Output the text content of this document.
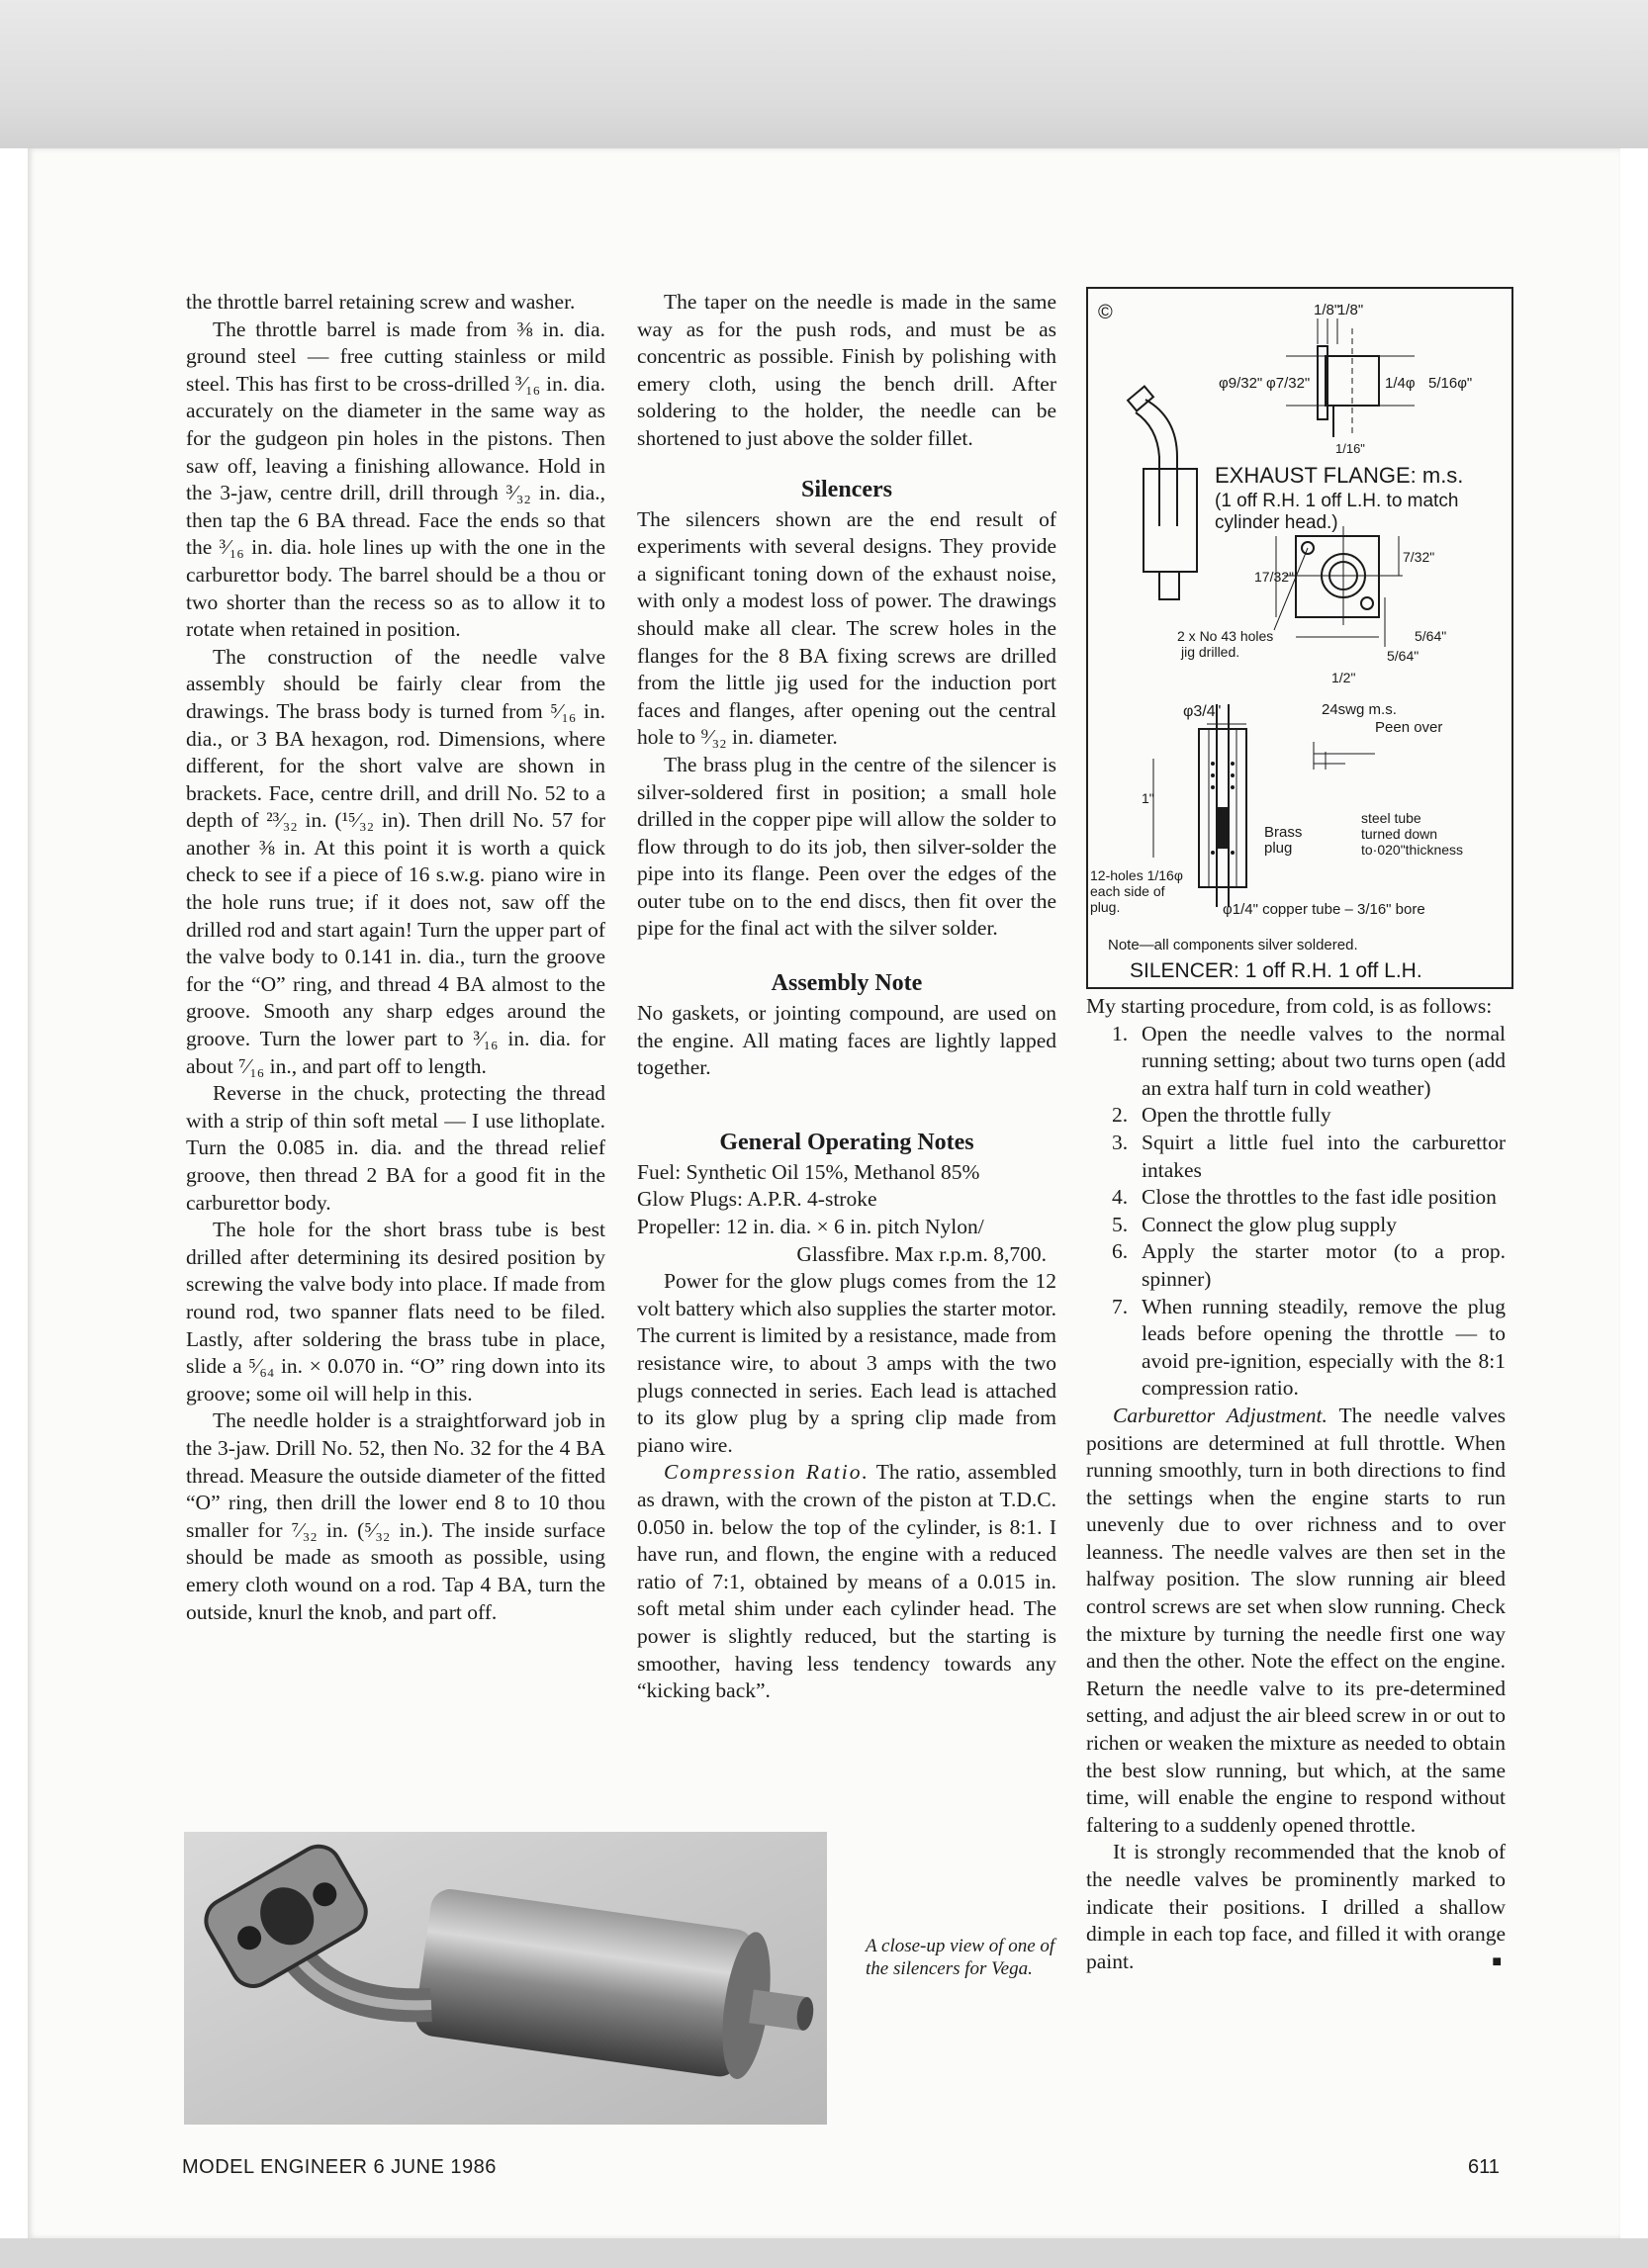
the throttle barrel retaining screw and washer.

The throttle barrel is made from ⅜ in. dia. ground steel — free cutting stainless or mild steel. This has first to be cross-drilled ³⁄₁₆ in. dia. accurately on the diameter in the same way as for the gudgeon pin holes in the pistons. Then saw off, leaving a finishing allowance. Hold in the 3-jaw, centre drill, drill through ³⁄₃₂ in. dia., then tap the 6 BA thread. Face the ends so that the ³⁄₁₆ in. dia. hole lines up with the one in the carburettor body. The barrel should be a thou or two shorter than the recess so as to allow it to rotate when retained in position.

The construction of the needle valve assembly should be fairly clear from the drawings. The brass body is turned from ⁵⁄₁₆ in. dia., or 3 BA hexagon, rod. Dimensions, where different, for the short valve are shown in brackets. Face, centre drill, and drill No. 52 to a depth of ²³⁄₃₂ in. (¹⁵⁄₃₂ in). Then drill No. 57 for another ⅜ in. At this point it is worth a quick check to see if a piece of 16 s.w.g. piano wire in the hole runs true; if it does not, saw off the drilled rod and start again! Turn the upper part of the valve body to 0.141 in. dia., turn the groove for the “O” ring, and thread 4 BA almost to the groove. Smooth any sharp edges around the groove. Turn the lower part to ³⁄₁₆ in. dia. for about ⁷⁄₁₆ in., and part off to length.

Reverse in the chuck, protecting the thread with a strip of thin soft metal — I use lithoplate. Turn the 0.085 in. dia. and the thread relief groove, then thread 2 BA for a good fit in the carburettor body.

The hole for the short brass tube is best drilled after determining its desired position by screwing the valve body into place. If made from round rod, two spanner flats need to be filed. Lastly, after soldering the brass tube in place, slide a ⁵⁄₆₄ in. × 0.070 in. “O” ring down into its groove; some oil will help in this.

The needle holder is a straightforward job in the 3-jaw. Drill No. 52, then No. 32 for the 4 BA thread. Measure the outside diameter of the fitted “O” ring, then drill the lower end 8 to 10 thou smaller for ⁷⁄₃₂ in. (⁵⁄₃₂ in.). The inside surface should be made as smooth as possible, using emery cloth wound on a rod. Tap 4 BA, turn the outside, knurl the knob, and part off.

The taper on the needle is made in the same way as for the push rods, and must be as concentric as possible. Finish by polishing with emery cloth, using the bench drill. After soldering to the holder, the needle can be shortened to just above the solder fillet.

Silencers

The silencers shown are the end result of experiments with several designs. They provide a significant toning down of the exhaust noise, with only a modest loss of power. The drawings should make all clear. The screw holes in the flanges for the 8 BA fixing screws are drilled from the little jig used for the induction port faces and flanges, after opening out the central hole to ⁹⁄₃₂ in. diameter.

The brass plug in the centre of the silencer is silver-soldered first in position; a small hole drilled in the copper pipe will allow the solder to flow through to do its job, then silver-solder the pipe into its flange. Peen over the edges of the outer tube on to the end discs, then fit over the pipe for the final act with the silver solder.

Assembly Note

No gaskets, or jointing compound, are used on the engine. All mating faces are lightly lapped together.

General Operating Notes

Fuel: Synthetic Oil 15%, Methanol 85%

Glow Plugs: A.P.R. 4-stroke

Propeller: 12 in. dia. × 6 in. pitch Nylon/

Glassfibre. Max r.p.m. 8,700.

Power for the glow plugs comes from the 12 volt battery which also supplies the starter motor. The current is limited by a resistance, made from resistance wire, to about 3 amps with the two plugs connected in series. Each lead is attached to its glow plug by a spring clip made from piano wire.

Compression Ratio. The ratio, assembled as drawn, with the crown of the piston at T.D.C. 0.050 in. below the top of the cylinder, is 8:1. I have run, and flown, the engine with a reduced ratio of 7:1, obtained by means of a 0.015 in. soft metal shim under each cylinder head. The power is slightly reduced, but the starting is smoother, having less tendency towards any “kicking back”.

©	1/8"
1/8"
φ9/32" φ7/32"	1/4φ 5/16φ"
1/16"
EXHAUST FLANGE: m.s.
(1 off R.H. 1 off L.H. to match
cylinder head.)
17/32"
7/32"
2 x No 43 holes
jig drilled.
5/64"
5/64"
1/2"
φ3/4"	24swg m.s.
Peen over
1"
steel tube
turned down
to·020"thickness
Brass
plug
12-holes 1/16φ
each side of
plug.	φ1/4" copper tube – 3/16" bore
Note—all components silver soldered.
SILENCER: 1 off R.H. 1 off L.H.

My starting procedure, from cold, is as follows:

1. Open the needle valves to the normal running setting; about two turns open (add an extra half turn in cold weather)
2. Open the throttle fully
3. Squirt a little fuel into the carburettor intakes
4. Close the throttles to the fast idle position
5. Connect the glow plug supply
6. Apply the starter motor (to a prop. spinner)
7. When running steadily, remove the plug leads before opening the throttle — to avoid pre-ignition, especially with the 8:1 compression ratio.

Carburettor Adjustment. The needle valves positions are determined at full throttle. When running smoothly, turn in both directions to find the settings when the engine starts to run unevenly due to over richness and to over leanness. The needle valves are then set in the halfway position. The slow running air bleed control screws are set when slow running. Check the mixture by turning the needle first one way and then the other. Note the effect on the engine. Return the needle valve to its pre-determined setting, and adjust the air bleed screw in or out to richen or weaken the mixture as needed to obtain the best slow running, but which, at the same time, will enable the engine to respond without faltering to a suddenly opened throttle.

It is strongly recommended that the knob of the needle valves be prominently marked to indicate their positions. I drilled a shallow dimple in each top face, and filled it with orange paint.	■

A close-up view of one of the silencers for Vega.
MODEL ENGINEER 6 JUNE 1986	611
